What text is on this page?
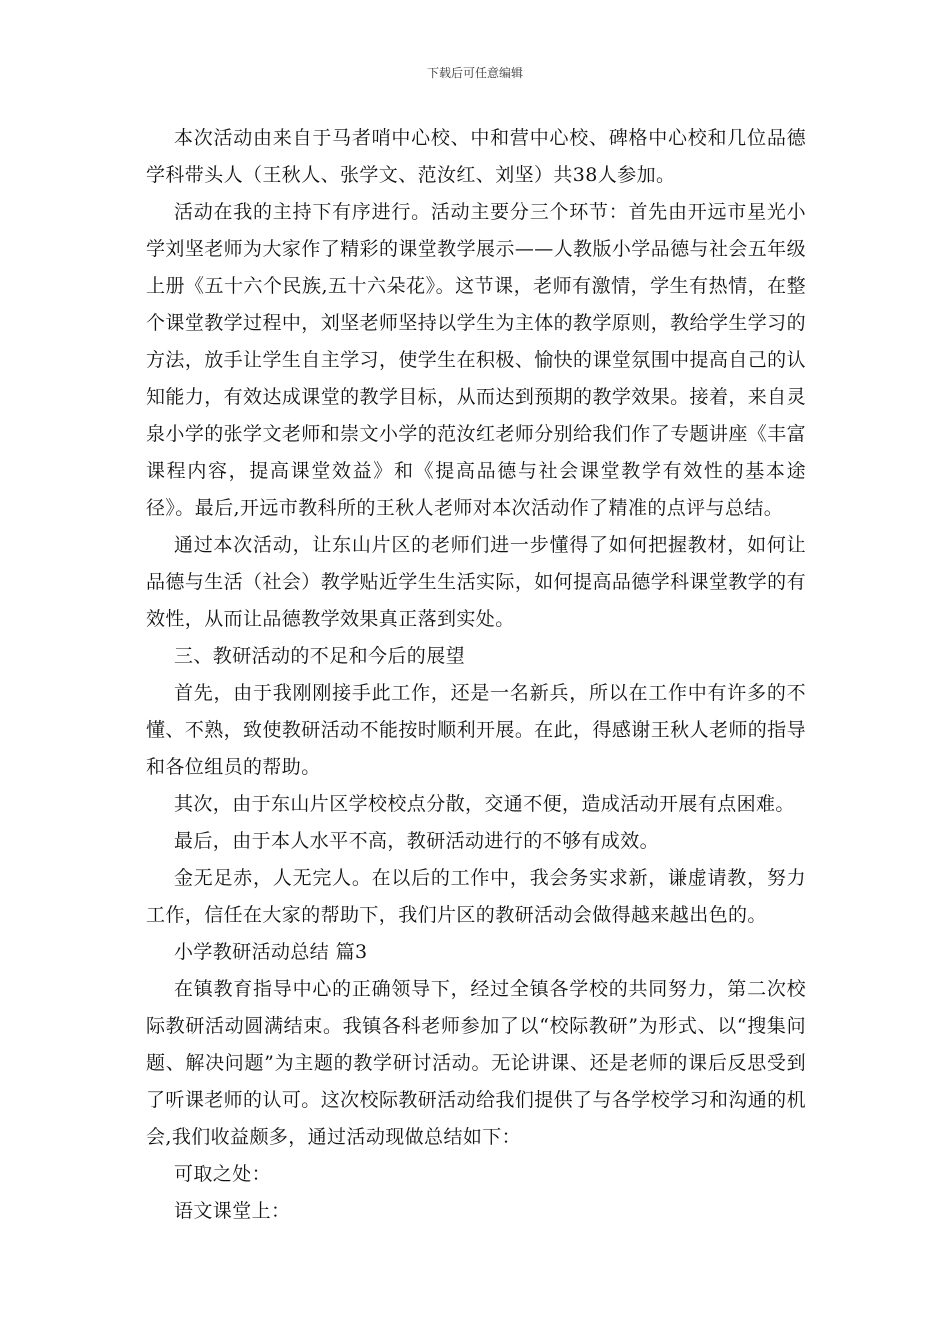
下载后可任意编辑

本次活动由来自于马者哨中心校、中和营中心校、碑格中心校和几位品德学科带头人（王秋人、张学文、范汝红、刘坚）共38人参加。

活动在我的主持下有序进行。活动主要分三个环节：首先由开远市星光小学刘坚老师为大家作了精彩的课堂教学展示——人教版小学品德与社会五年级上册《五十六个民族,五十六朵花》。这节课，老师有激情，学生有热情，在整个课堂教学过程中，刘坚老师坚持以学生为主体的教学原则，教给学生学习的方法，放手让学生自主学习，使学生在积极、愉快的课堂氛围中提高自己的认知能力，有效达成课堂的教学目标，从而达到预期的教学效果。接着，来自灵泉小学的张学文老师和崇文小学的范汝红老师分别给我们作了专题讲座《丰富课程内容，提高课堂效益》和《提高品德与社会课堂教学有效性的基本途径》。最后,开远市教科所的王秋人老师对本次活动作了精准的点评与总结。

通过本次活动，让东山片区的老师们进一步懂得了如何把握教材，如何让品德与生活（社会）教学贴近学生生活实际，如何提高品德学科课堂教学的有效性，从而让品德教学效果真正落到实处。

三、教研活动的不足和今后的展望

首先，由于我刚刚接手此工作，还是一名新兵，所以在工作中有许多的不懂、不熟，致使教研活动不能按时顺利开展。在此，得感谢王秋人老师的指导和各位组员的帮助。

其次，由于东山片区学校校点分散，交通不便，造成活动开展有点困难。

最后，由于本人水平不高，教研活动进行的不够有成效。

金无足赤，人无完人。在以后的工作中，我会务实求新，谦虚请教，努力工作，信任在大家的帮助下，我们片区的教研活动会做得越来越出色的。

小学教研活动总结 篇3

在镇教育指导中心的正确领导下，经过全镇各学校的共同努力，第二次校际教研活动圆满结束。我镇各科老师参加了以“校际教研”为形式、以“搜集问题、解决问题”为主题的教学研讨活动。无论讲课、还是老师的课后反思受到了听课老师的认可。这次校际教研活动给我们提供了与各学校学习和沟通的机会,我们收益颇多，通过活动现做总结如下：

可取之处：

语文课堂上：
